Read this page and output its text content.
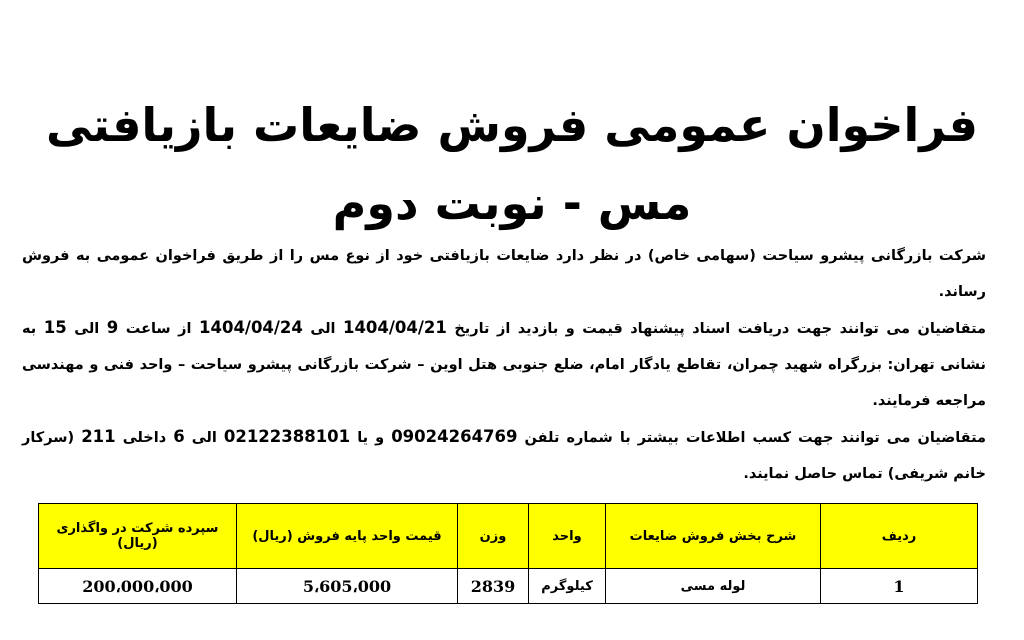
فراخوان عمومی فروش ضایعات بازیافتی مس - نوبت دوم

شرکت بازرگانی پیشرو سیاحت (سهامی خاص) در نظر دارد ضایعات بازیافتی خود از نوع مس را از طریق فراخوان عمومی به فروش رساند.

متقاضیان می توانند جهت دریافت اسناد پیشنهاد قیمت و بازدید از تاریخ 1404/04/21 الی 1404/04/24 از ساعت 9 الی 15 به نشانی تهران: بزرگراه شهید چمران، تقاطع یادگار امام، ضلع جنوبی هتل اوین – شرکت بازرگانی پیشرو سیاحت – واحد فنی و مهندسی مراجعه فرمایند.

متقاضیان می توانند جهت کسب اطلاعات بیشتر با شماره تلفن 09024264769 و یا 02122388101 الی 6 داخلی 211 (سرکار خانم شریفی) تماس حاصل نمایند.

ردیف	شرح بخش فروش ضایعات	واحد	وزن	قیمت واحد پایه فروش (ریال)	سپرده شرکت در واگذاری (ریال)
1	لوله مسی	کیلوگرم	2839	5،605،000	200،000،000
